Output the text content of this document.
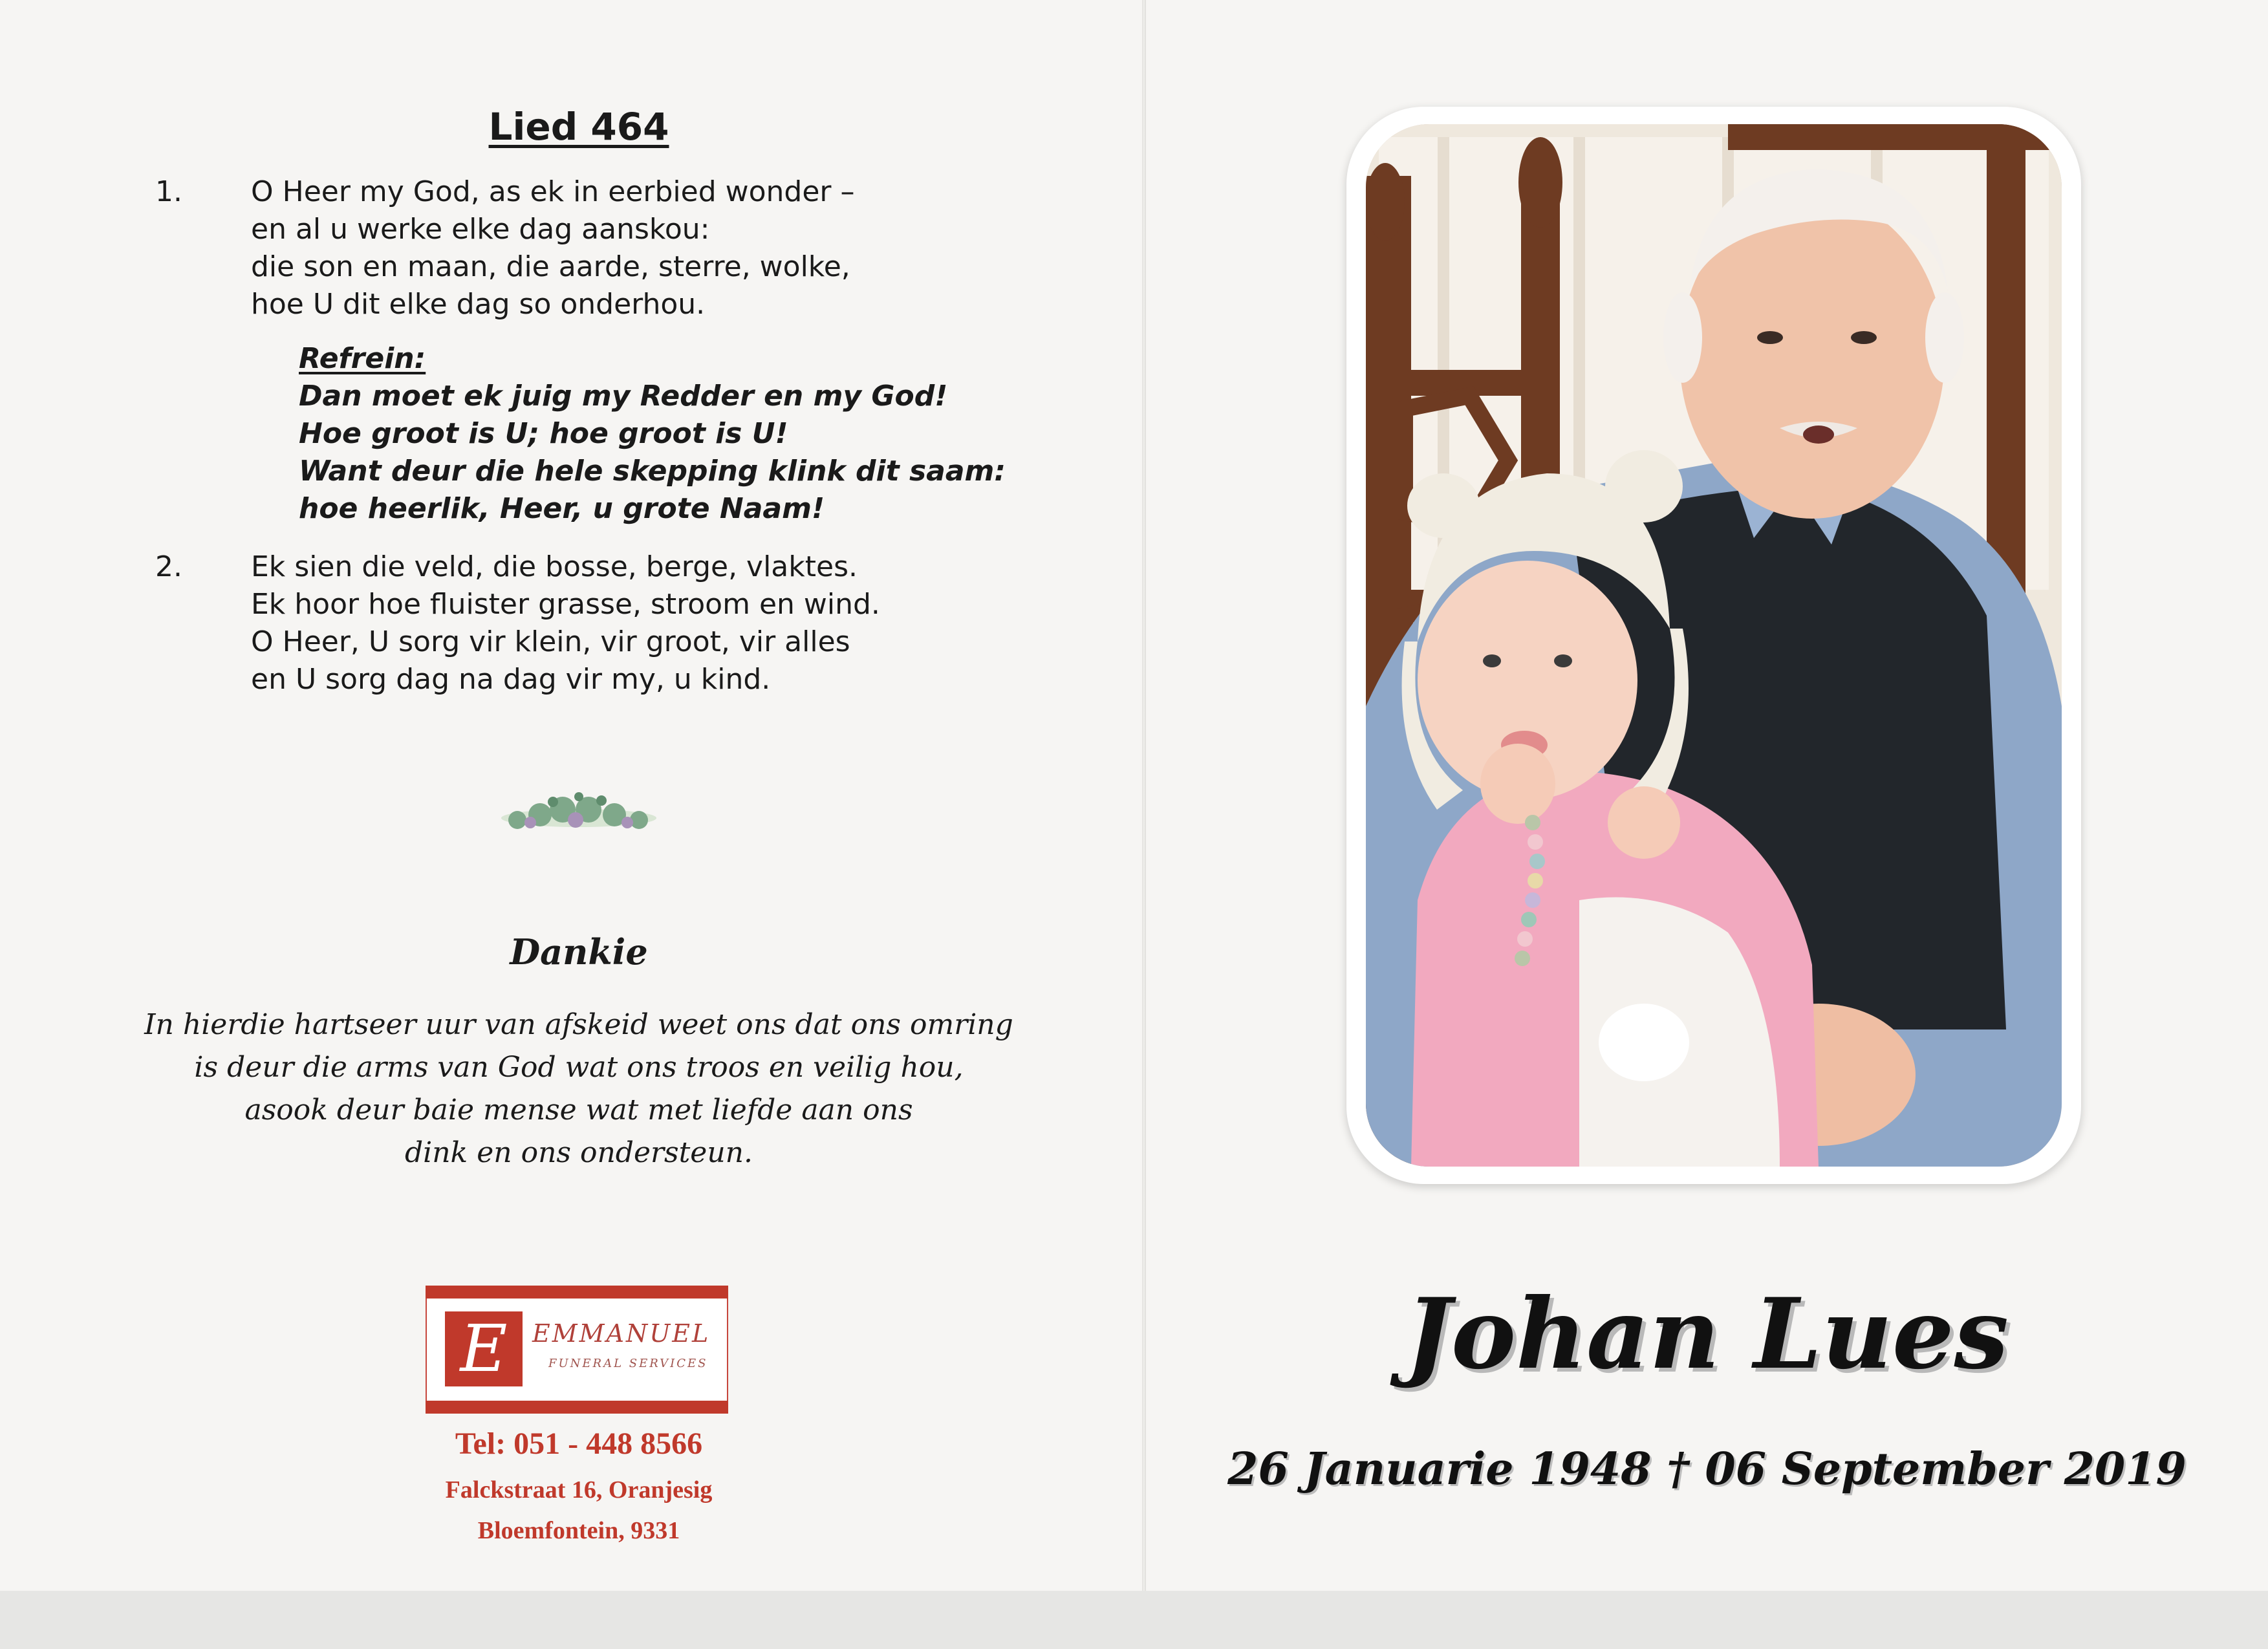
Lied 464
1.	O Heer my God, as ek in eerbied wonder –
en al u werke elke dag aanskou:
die son en maan, die aarde, sterre, wolke,
hoe U dit elke dag so onderhou.
Refrein:
Dan moet ek juig my Redder en my God!
Hoe groot is U; hoe groot is U!
Want deur die hele skepping klink dit saam:
hoe heerlik, Heer, u grote Naam!
2.	Ek sien die veld, die bosse, berge, vlaktes.
Ek hoor hoe fluister grasse, stroom en wind.
O Heer, U sorg vir klein, vir groot, vir alles
en U sorg dag na dag vir my, u kind.
Dankie
In hierdie hartseer uur van afskeid weet ons dat ons omring
is deur die arms van God wat ons troos en veilig hou,
asook deur baie mense wat met liefde aan ons
dink en ons ondersteun.
E	EMMANUEL
FUNERAL SERVICES
Tel: 051 - 448 8566
Falckstraat 16, Oranjesig
Bloemfontein, 9331
Johan Lues
26 Januarie 1948 † 06 September 2019
